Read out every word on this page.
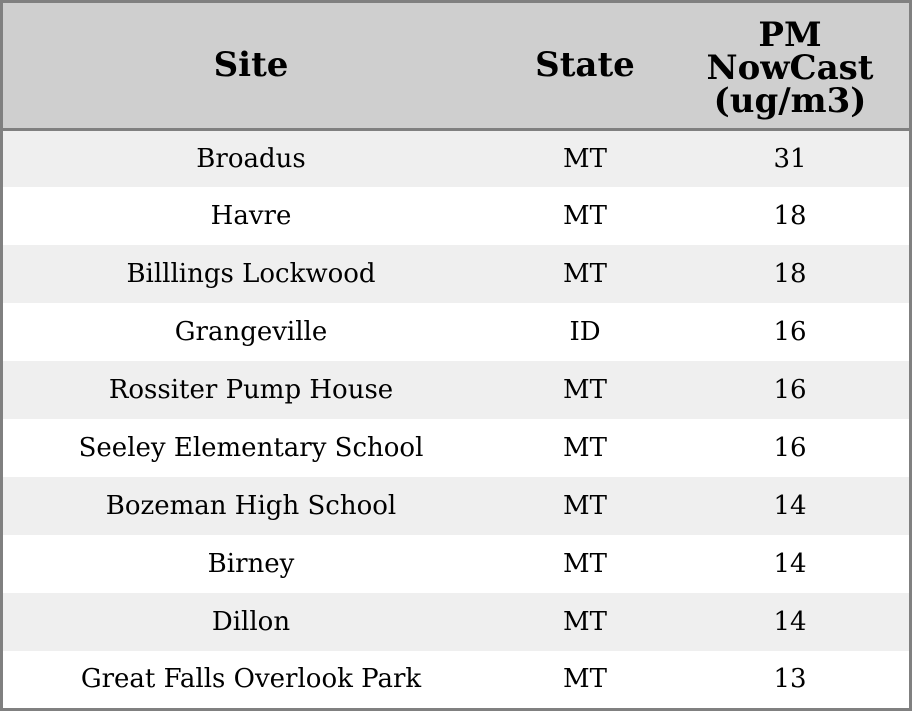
Site	State	PM
NowCast
(ug/m3)
Broadus	MT	31
Havre	MT	18
Billlings Lockwood	MT	18
Grangeville	ID	16
Rossiter Pump House	MT	16
Seeley Elementary School	MT	16
Bozeman High School	MT	14
Birney	MT	14
Dillon	MT	14
Great Falls Overlook Park	MT	13
